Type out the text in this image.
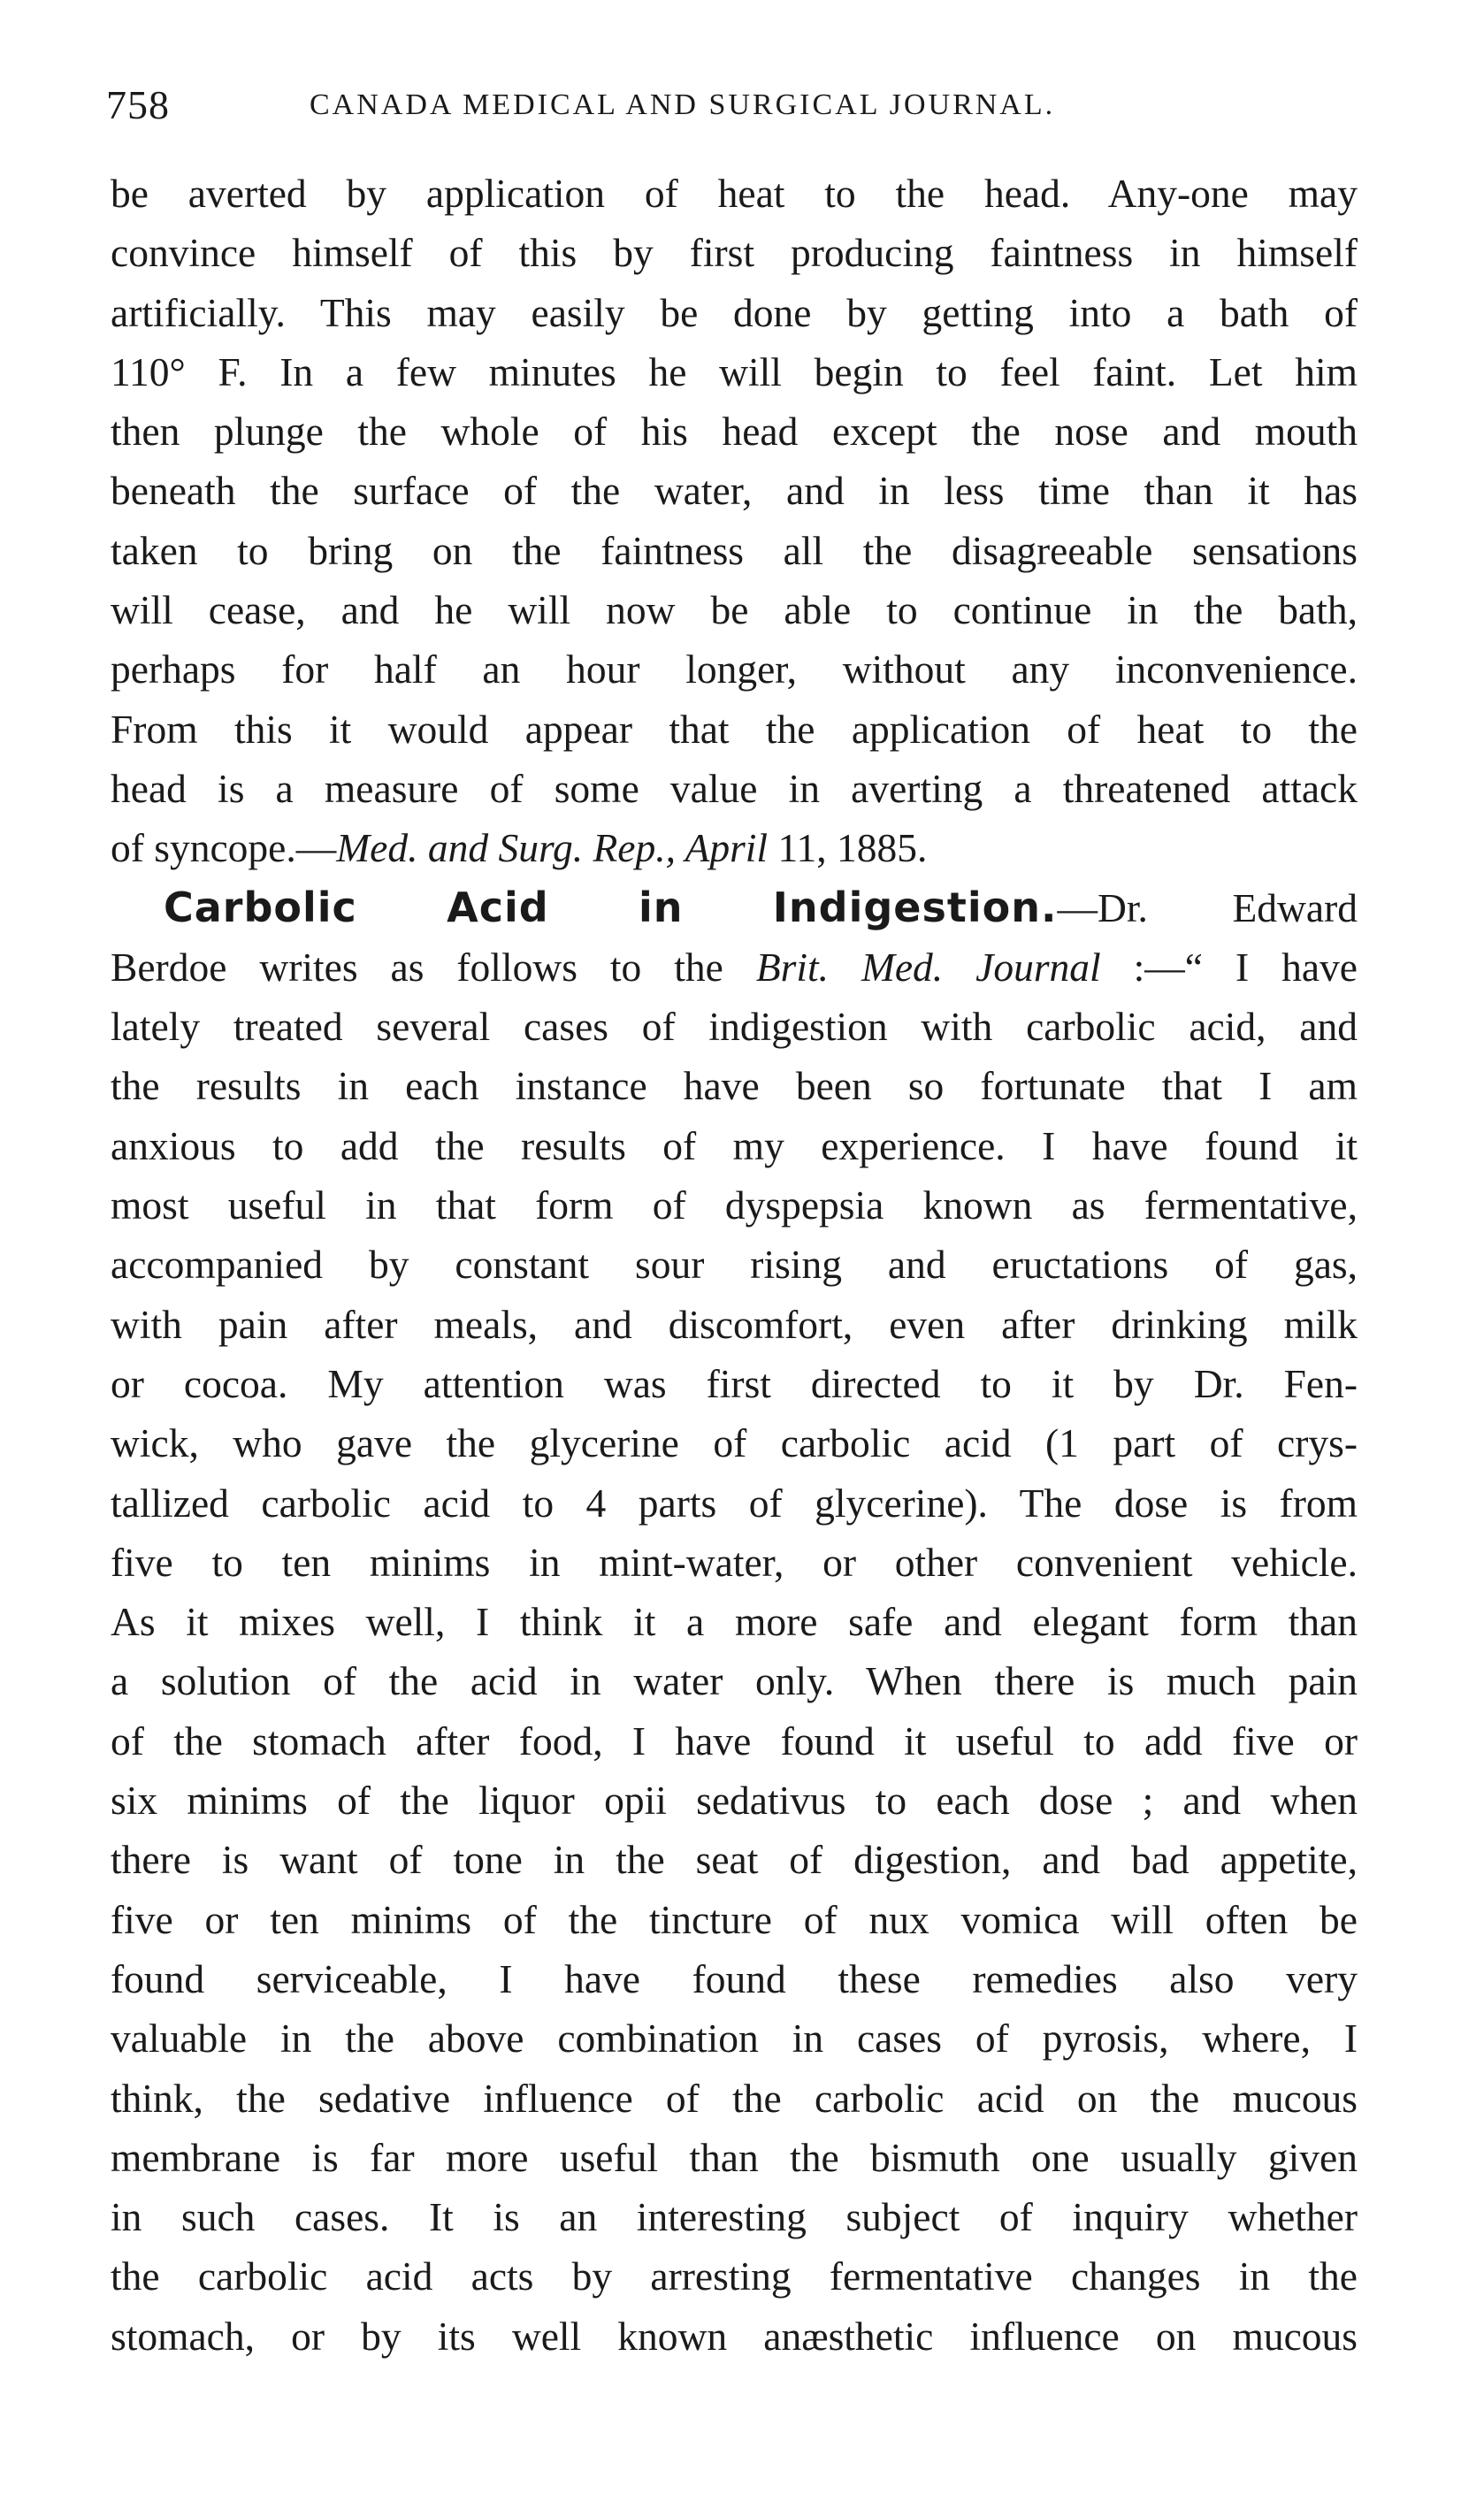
758	CANADA MEDICAL AND SURGICAL JOURNAL.
be averted by application of heat to the head. Any-one may
convince himself of this by first producing faintness in himself
artificially. This may easily be done by getting into a bath of
110° F. In a few minutes he will begin to feel faint. Let him
then plunge the whole of his head except the nose and mouth
beneath the surface of the water, and in less time than it has
taken to bring on the faintness all the disagreeable sensations
will cease, and he will now be able to continue in the bath,
perhaps for half an hour longer, without any inconvenience.
From this it would appear that the application of heat to the
head is a measure of some value in averting a threatened attack
of syncope.—Med. and Surg. Rep., April 11, 1885.
Carbolic Acid in Indigestion.—Dr. Edward
Berdoe writes as follows to the Brit. Med. Journal :—“ I have
lately treated several cases of indigestion with carbolic acid, and
the results in each instance have been so fortunate that I am
anxious to add the results of my experience. I have found it
most useful in that form of dyspepsia known as fermentative,
accompanied by constant sour rising and eructations of gas,
with pain after meals, and discomfort, even after drinking milk
or cocoa. My attention was first directed to it by Dr. Fen-
wick, who gave the glycerine of carbolic acid (1 part of crys-
tallized carbolic acid to 4 parts of glycerine). The dose is from
five to ten minims in mint-water, or other convenient vehicle.
As it mixes well, I think it a more safe and elegant form than
a solution of the acid in water only. When there is much pain
of the stomach after food, I have found it useful to add five or
six minims of the liquor opii sedativus to each dose ; and when
there is want of tone in the seat of digestion, and bad appetite,
five or ten minims of the tincture of nux vomica will often be
found serviceable, I have found these remedies also very
valuable in the above combination in cases of pyrosis, where, I
think, the sedative influence of the carbolic acid on the mucous
membrane is far more useful than the bismuth one usually given
in such cases. It is an interesting subject of inquiry whether
the carbolic acid acts by arresting fermentative changes in the
stomach, or by its well known anæsthetic influence on mucous
